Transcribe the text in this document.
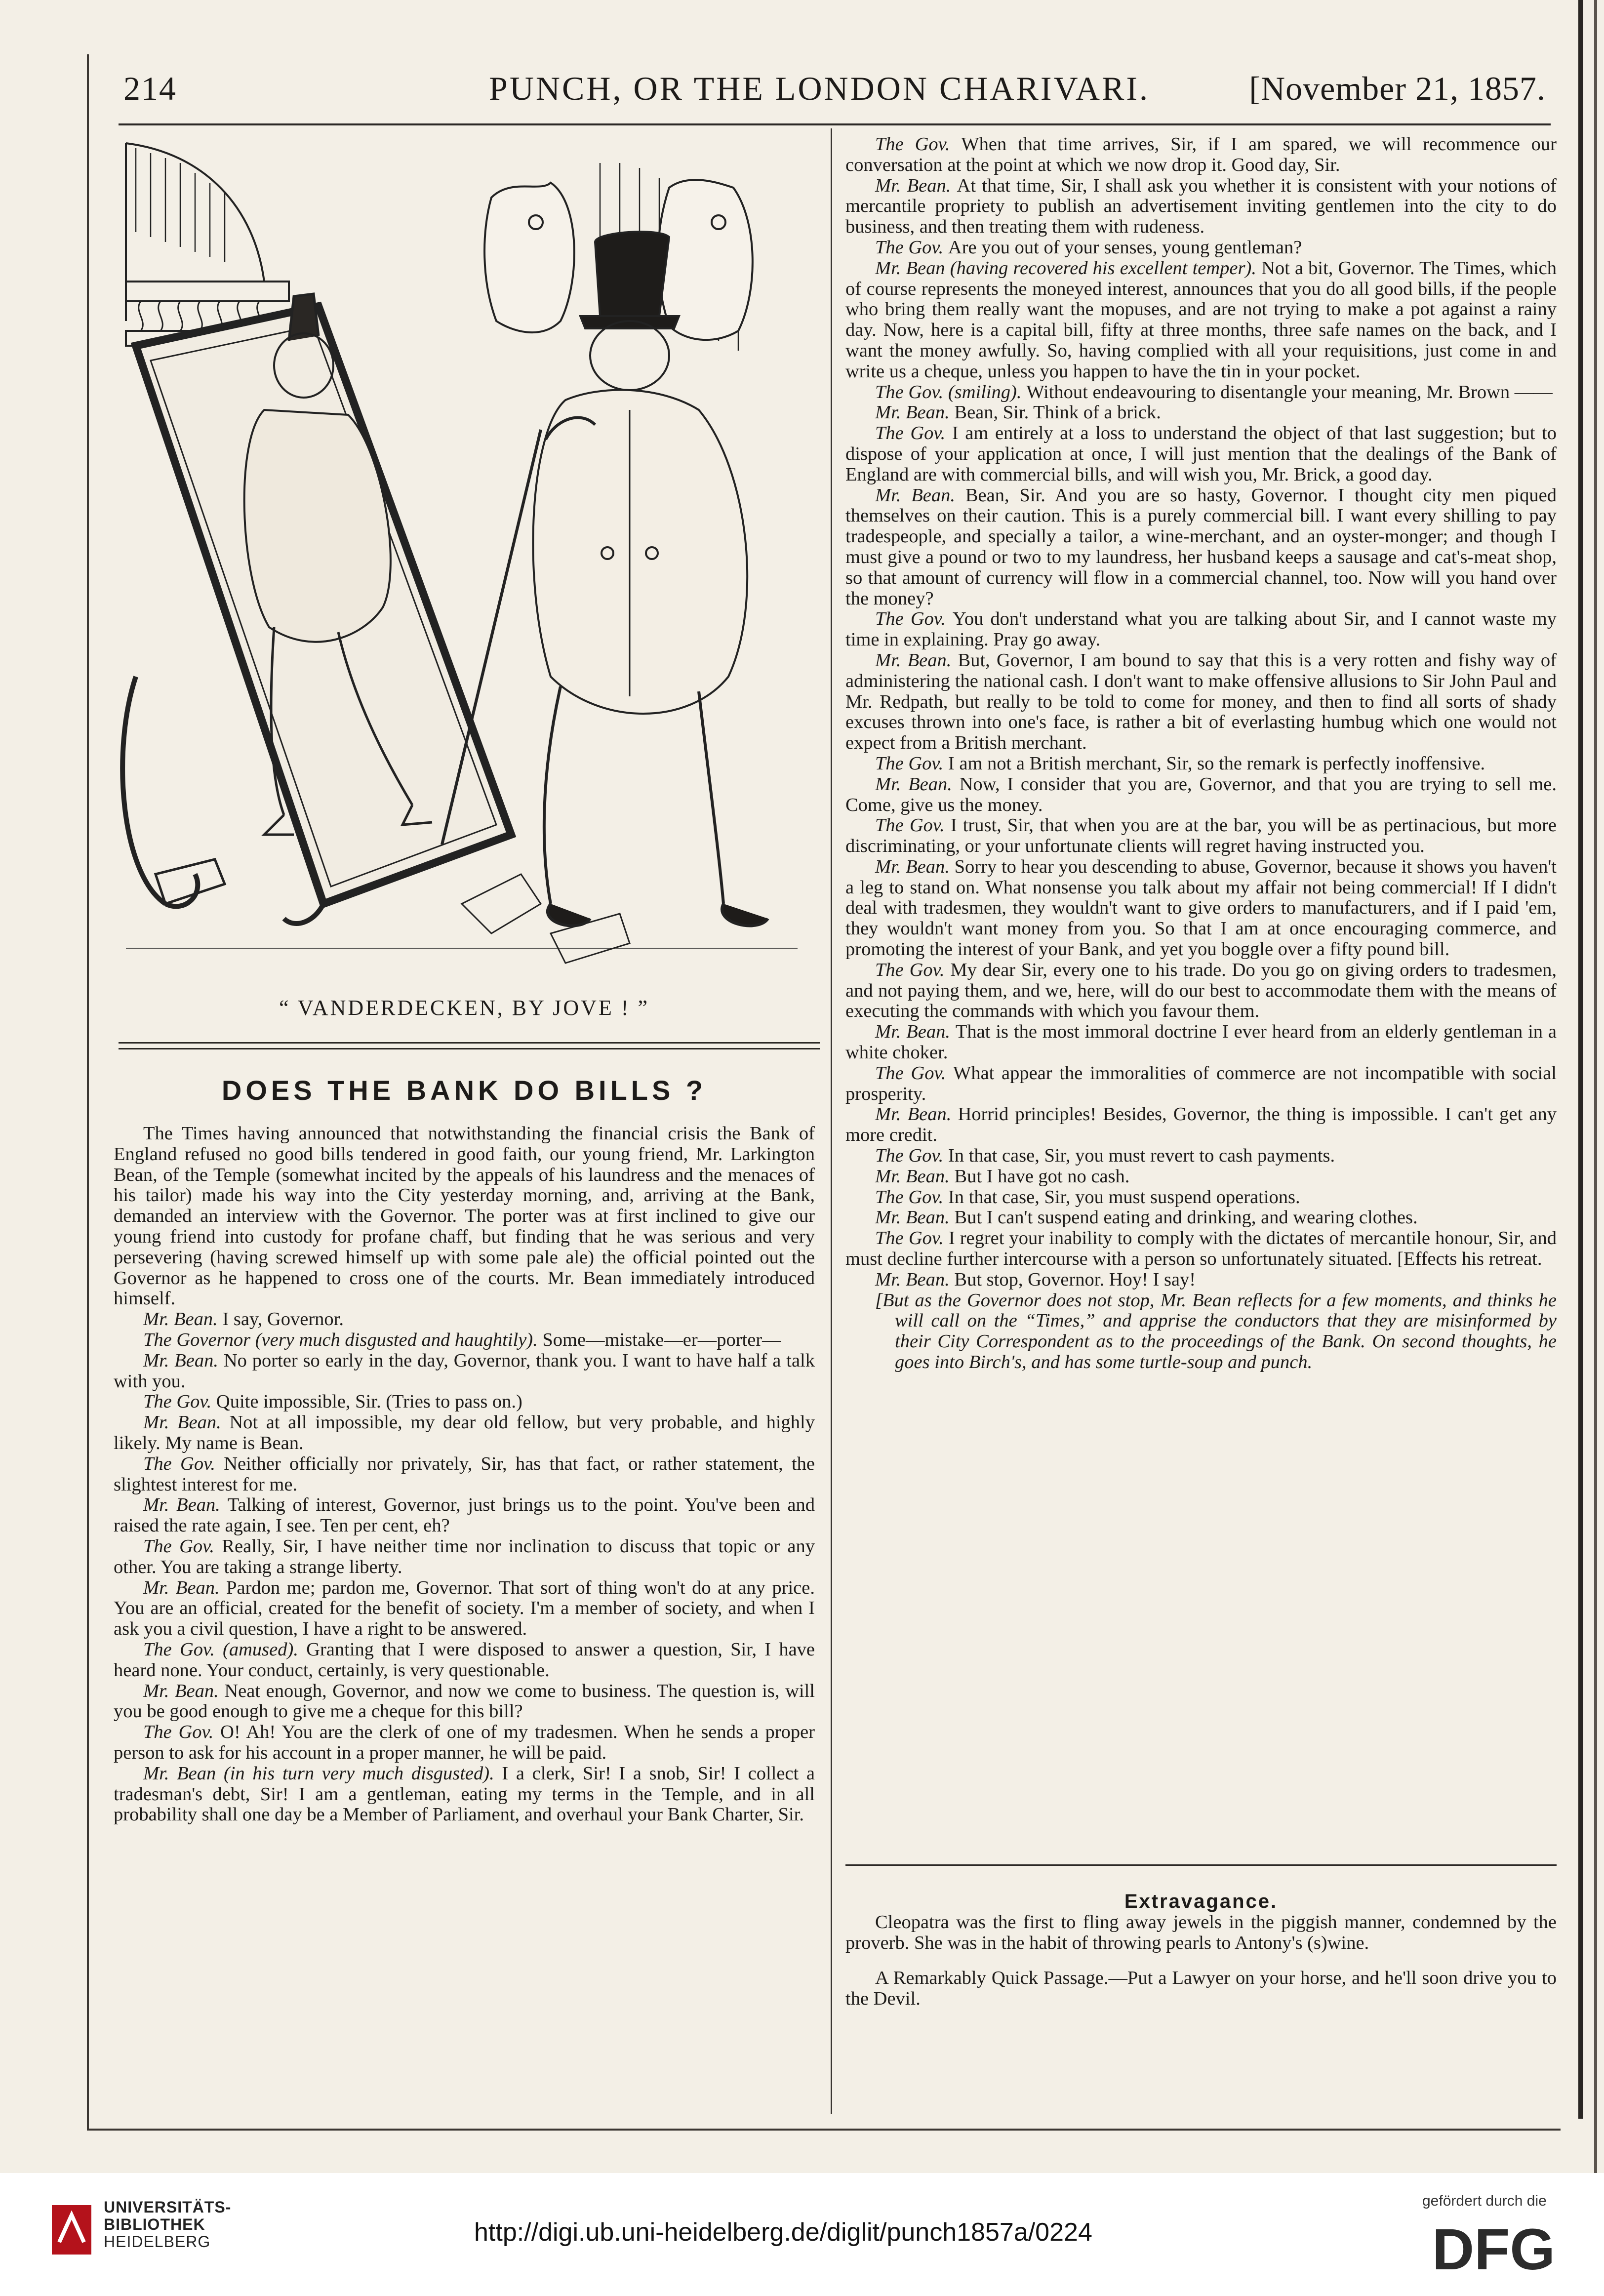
214	PUNCH, OR THE LONDON CHARIVARI.	[November 21, 1857.
“ VANDERDECKEN, BY JOVE ! ”
DOES THE BANK DO BILLS ?

The Times having announced that notwithstanding the financial crisis the Bank of England refused no good bills tendered in good faith, our young friend, Mr. Larkington Bean, of the Temple (somewhat incited by the appeals of his laundress and the menaces of his tailor) made his way into the City yesterday morning, and, arriving at the Bank, demanded an interview with the Governor. The porter was at first inclined to give our young friend into custody for profane chaff, but finding that he was serious and very persevering (having screwed himself up with some pale ale) the official pointed out the Governor as he happened to cross one of the courts. Mr. Bean immediately introduced himself.

Mr. Bean. I say, Governor.

The Governor (very much disgusted and haughtily). Some—mistake—er—porter—

Mr. Bean. No porter so early in the day, Governor, thank you. I want to have half a talk with you.

The Gov. Quite impossible, Sir. (Tries to pass on.)

Mr. Bean. Not at all impossible, my dear old fellow, but very probable, and highly likely. My name is Bean.

The Gov. Neither officially nor privately, Sir, has that fact, or rather statement, the slightest interest for me.

Mr. Bean. Talking of interest, Governor, just brings us to the point. You've been and raised the rate again, I see. Ten per cent, eh?

The Gov. Really, Sir, I have neither time nor inclination to discuss that topic or any other. You are taking a strange liberty.

Mr. Bean. Pardon me; pardon me, Governor. That sort of thing won't do at any price. You are an official, created for the benefit of society. I'm a member of society, and when I ask you a civil question, I have a right to be answered.

The Gov. (amused). Granting that I were disposed to answer a question, Sir, I have heard none. Your conduct, certainly, is very questionable.

Mr. Bean. Neat enough, Governor, and now we come to business. The question is, will you be good enough to give me a cheque for this bill?

The Gov. O! Ah! You are the clerk of one of my tradesmen. When he sends a proper person to ask for his account in a proper manner, he will be paid.

Mr. Bean (in his turn very much disgusted). I a clerk, Sir! I a snob, Sir! I collect a tradesman's debt, Sir! I am a gentleman, eating my terms in the Temple, and in all probability shall one day be a Member of Parliament, and overhaul your Bank Charter, Sir.

The Gov. When that time arrives, Sir, if I am spared, we will recommence our conversation at the point at which we now drop it. Good day, Sir.

Mr. Bean. At that time, Sir, I shall ask you whether it is consistent with your notions of mercantile propriety to publish an advertisement inviting gentlemen into the city to do business, and then treating them with rudeness.

The Gov. Are you out of your senses, young gentleman?

Mr. Bean (having recovered his excellent temper). Not a bit, Governor. The Times, which of course represents the moneyed interest, announces that you do all good bills, if the people who bring them really want the mopuses, and are not trying to make a pot against a rainy day. Now, here is a capital bill, fifty at three months, three safe names on the back, and I want the money awfully. So, having complied with all your requisitions, just come in and write us a cheque, unless you happen to have the tin in your pocket.

The Gov. (smiling). Without endeavouring to disentangle your meaning, Mr. Brown ——

Mr. Bean. Bean, Sir. Think of a brick.

The Gov. I am entirely at a loss to understand the object of that last suggestion; but to dispose of your application at once, I will just mention that the dealings of the Bank of England are with commercial bills, and will wish you, Mr. Brick, a good day.

Mr. Bean. Bean, Sir. And you are so hasty, Governor. I thought city men piqued themselves on their caution. This is a purely commercial bill. I want every shilling to pay tradespeople, and specially a tailor, a wine-merchant, and an oyster-monger; and though I must give a pound or two to my laundress, her husband keeps a sausage and cat's-meat shop, so that amount of currency will flow in a commercial channel, too. Now will you hand over the money?

The Gov. You don't understand what you are talking about Sir, and I cannot waste my time in explaining. Pray go away.

Mr. Bean. But, Governor, I am bound to say that this is a very rotten and fishy way of administering the national cash. I don't want to make offensive allusions to Sir John Paul and Mr. Redpath, but really to be told to come for money, and then to find all sorts of shady excuses thrown into one's face, is rather a bit of everlasting humbug which one would not expect from a British merchant.

The Gov. I am not a British merchant, Sir, so the remark is perfectly inoffensive.

Mr. Bean. Now, I consider that you are, Governor, and that you are trying to sell me. Come, give us the money.

The Gov. I trust, Sir, that when you are at the bar, you will be as pertinacious, but more discriminating, or your unfortunate clients will regret having instructed you.

Mr. Bean. Sorry to hear you descending to abuse, Governor, because it shows you haven't a leg to stand on. What nonsense you talk about my affair not being commercial! If I didn't deal with tradesmen, they wouldn't want to give orders to manufacturers, and if I paid 'em, they wouldn't want money from you. So that I am at once encouraging commerce, and promoting the interest of your Bank, and yet you boggle over a fifty pound bill.

The Gov. My dear Sir, every one to his trade. Do you go on giving orders to tradesmen, and not paying them, and we, here, will do our best to accommodate them with the means of executing the commands with which you favour them.

Mr. Bean. That is the most immoral doctrine I ever heard from an elderly gentleman in a white choker.

The Gov. What appear the immoralities of commerce are not incompatible with social prosperity.

Mr. Bean. Horrid principles! Besides, Governor, the thing is impossible. I can't get any more credit.

The Gov. In that case, Sir, you must revert to cash payments.

Mr. Bean. But I have got no cash.

The Gov. In that case, Sir, you must suspend operations.

Mr. Bean. But I can't suspend eating and drinking, and wearing clothes.

The Gov. I regret your inability to comply with the dictates of mercantile honour, Sir, and must decline further intercourse with a person so unfortunately situated. [Effects his retreat.

Mr. Bean. But stop, Governor. Hoy! I say!

[But as the Governor does not stop, Mr. Bean reflects for a few moments, and thinks he will call on the “Times,” and apprise the conductors that they are misinformed by their City Correspondent as to the proceedings of the Bank. On second thoughts, he goes into Birch's, and has some turtle-soup and punch.

Extravagance.

Cleopatra was the first to fling away jewels in the piggish manner, condemned by the proverb. She was in the habit of throwing pearls to Antony's (s)wine.

A Remarkably Quick Passage.—Put a Lawyer on your horse, and he'll soon drive you to the Devil.

UNIVERSITÄTS-
BIBLIOTHEK
HEIDELBERG	http://digi.ub.uni-heidelberg.de/diglit/punch1857a/0224
gefördert durch die
DFG
